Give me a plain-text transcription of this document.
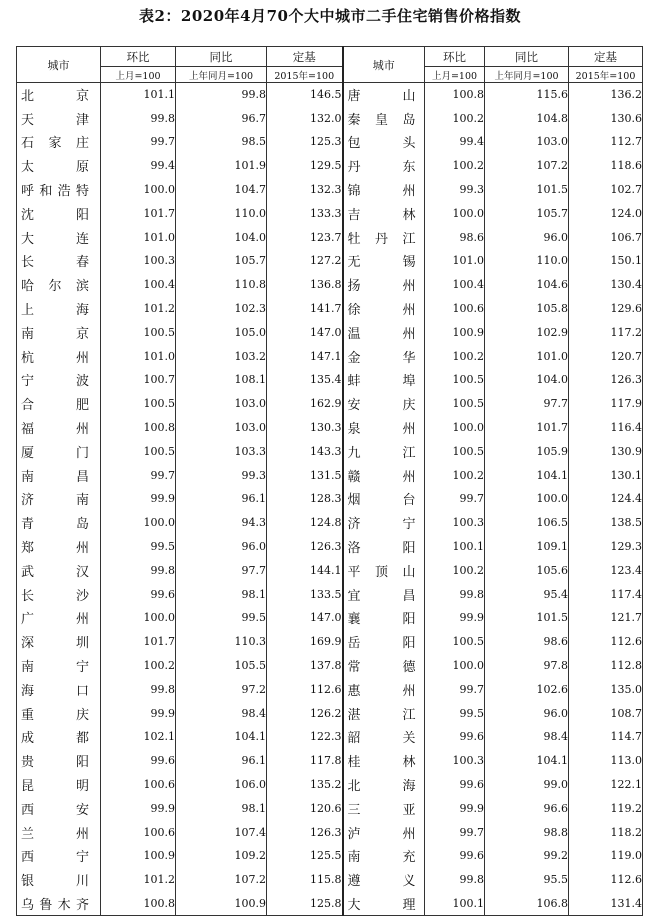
表2：2020年4月70个大中城市二手住宅销售价格指数
城市	环比	同比	定基	城市	环比	同比	定基
	上月=100	上年同月=100	2015年=100		上月=100	上年同月=100	2015年=100
北　京	101.1	99.8	146.5	唐　山	100.8	115.6	136.2
天　津	99.8	96.7	132.0	秦皇岛	100.2	104.8	130.6
石家庄	99.7	98.5	125.3	包　头	99.4	103.0	112.7
太　原	99.4	101.9	129.5	丹　东	100.2	107.2	118.6
呼和浩特	100.0	104.7	132.3	锦　州	99.3	101.5	102.7
沈　阳	101.7	110.0	133.3	吉　林	100.0	105.7	124.0
大　连	101.0	104.0	123.7	牡丹江	98.6	96.0	106.7
长　春	100.3	105.7	127.2	无　锡	101.0	110.0	150.1
哈尔滨	100.4	110.8	136.8	扬　州	100.4	104.6	130.4
上　海	101.2	102.3	141.7	徐　州	100.6	105.8	129.6
南　京	100.5	105.0	147.0	温　州	100.9	102.9	117.2
杭　州	101.0	103.2	147.1	金　华	100.2	101.0	120.7
宁　波	100.7	108.1	135.4	蚌　埠	100.5	104.0	126.3
合　肥	100.5	103.0	162.9	安　庆	100.5	97.7	117.9
福　州	100.8	103.0	130.3	泉　州	100.0	101.7	116.4
厦　门	100.5	103.3	143.3	九　江	100.5	105.9	130.9
南　昌	99.7	99.3	131.5	赣　州	100.2	104.1	130.1
济　南	99.9	96.1	128.3	烟　台	99.7	100.0	124.4
青　岛	100.0	94.3	124.8	济　宁	100.3	106.5	138.5
郑　州	99.5	96.0	126.3	洛　阳	100.1	109.1	129.3
武　汉	99.8	97.7	144.1	平顶山	100.2	105.6	123.4
长　沙	99.6	98.1	133.5	宜　昌	99.8	95.4	117.4
广　州	100.0	99.5	147.0	襄　阳	99.9	101.5	121.7
深　圳	101.7	110.3	169.9	岳　阳	100.5	98.6	112.6
南　宁	100.2	105.5	137.8	常　德	100.0	97.8	112.8
海　口	99.8	97.2	112.6	惠　州	99.7	102.6	135.0
重　庆	99.9	98.4	126.2	湛　江	99.5	96.0	108.7
成　都	102.1	104.1	122.3	韶　关	99.6	98.4	114.7
贵　阳	99.6	96.1	117.8	桂　林	100.3	104.1	113.0
昆　明	100.6	106.0	135.2	北　海	99.6	99.0	122.1
西　安	99.9	98.1	120.6	三　亚	99.9	96.6	119.2
兰　州	100.6	107.4	126.3	泸　州	99.7	98.8	118.2
西　宁	100.9	109.2	125.5	南　充	99.6	99.2	119.0
银　川	101.2	107.2	115.8	遵　义	99.8	95.5	112.6
乌鲁木齐	100.8	100.9	125.8	大　理	100.1	106.8	131.4
